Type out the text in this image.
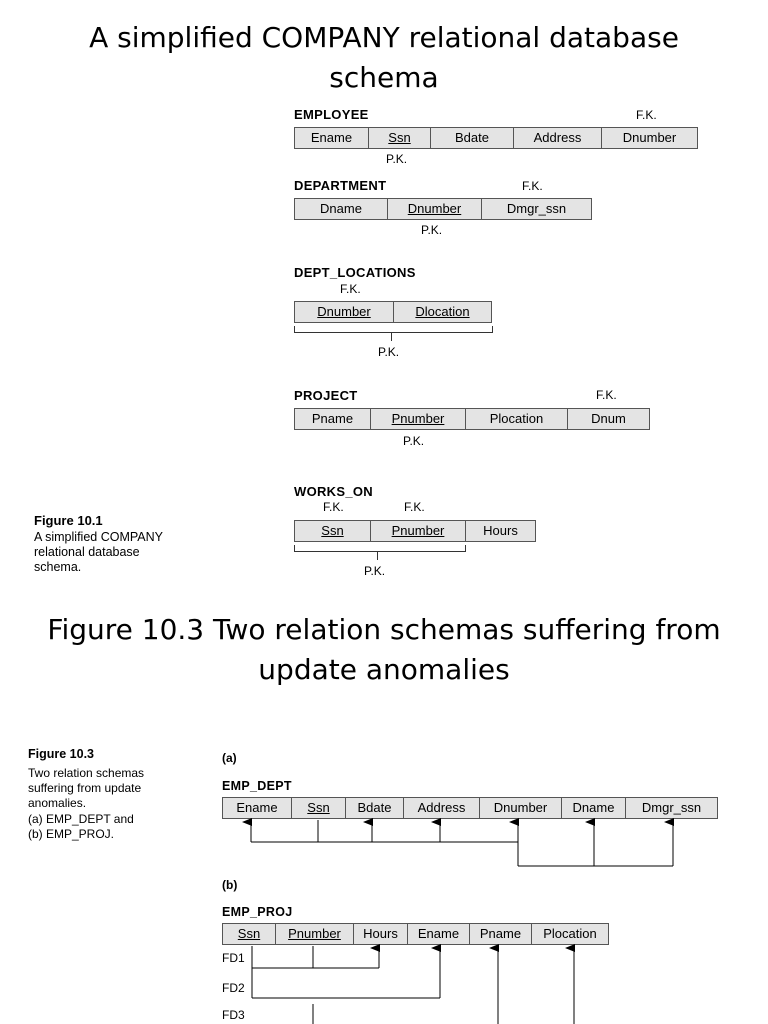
A simplified COMPANY relational database
schema
EMPLOYEE	F.K.
Ename	Ssn	Bdate	Address	Dnumber
P.K.
DEPARTMENT	F.K.
Dname	Dnumber	Dmgr_ssn
P.K.
DEPT_LOCATIONS
F.K.
Dnumber	Dlocation
P.K.
PROJECT	F.K.
Pname	Pnumber	Plocation	Dnum
P.K.
WORKS_ON
F.K.	F.K.
Ssn	Pnumber	Hours
P.K.
Figure 10.1
A simplified COMPANY
relational database
schema.
Figure 10.3 Two relation schemas suffering from
update anomalies
Figure 10.3
Two relation schemas
suffering from update
anomalies.
(a) EMP_DEPT and
(b) EMP_PROJ.
(a)
EMP_DEPT
Ename	Ssn	Bdate	Address	Dnumber	Dname	Dmgr_ssn
(b)
EMP_PROJ
Ssn	Pnumber	Hours	Ename	Pname	Plocation
FD1
FD2
FD3
